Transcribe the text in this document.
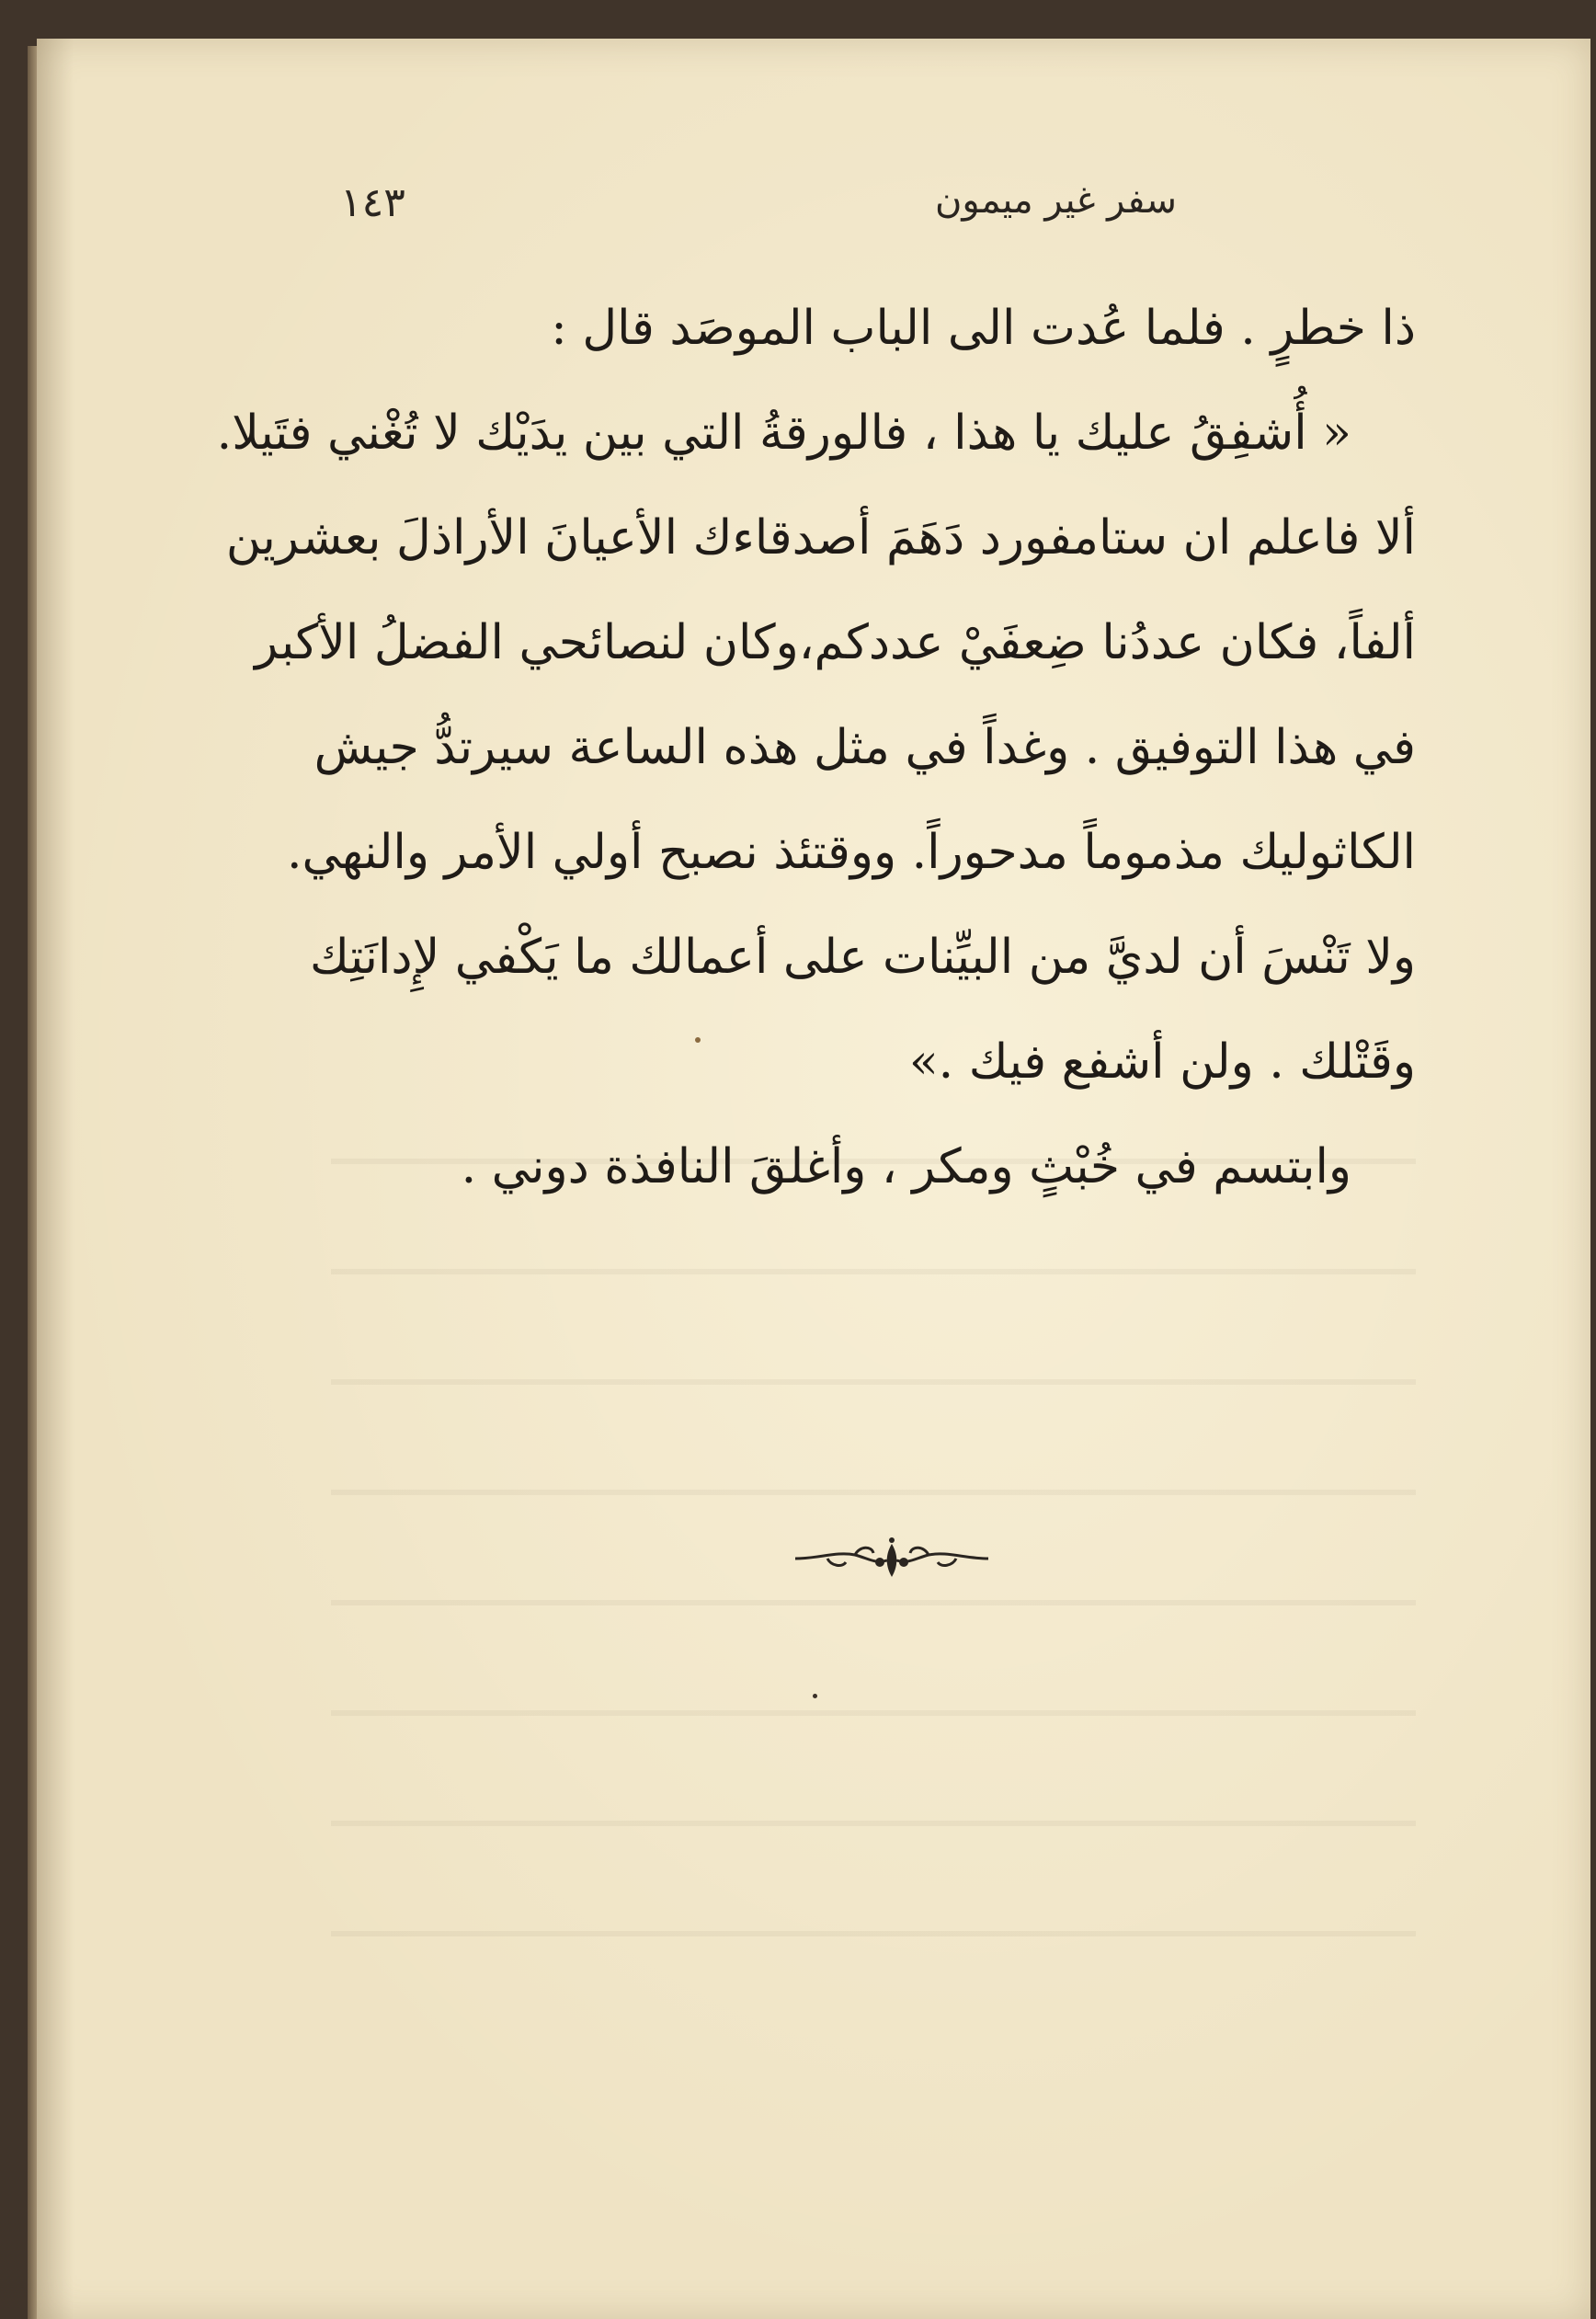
سفر غير ميمون
١٤٣
ذا خطرٍ . فلما عُدت الى الباب الموصَد قال :
« أُشفِقُ عليك يا هذا ، فالورقةُ التي بين يدَيْك لا تُغْني فتَيلا.
ألا فاعلم ان ستامفورد دَهَمَ أصدقاءك الأعيانَ الأراذلَ بعشرين
ألفاً، فكان عددُنا ضِعفَيْ عددكم،وكان لنصائحي الفضلُ الأكبر
في هذا التوفيق . وغداً في مثل هذه الساعة سيرتدُّ جيش
الكاثوليك مذموماً مدحوراً. ووقتئذ نصبح أولي الأمر والنهي.
ولا تَنْسَ أن لديَّ من البيِّنات على أعمالك ما يَكْفي لإِدانَتِك
وقَتْلك . ولن أشفع فيك .»
وابتسم في خُبْثٍ ومكر ، وأغلقَ النافذة دوني .
